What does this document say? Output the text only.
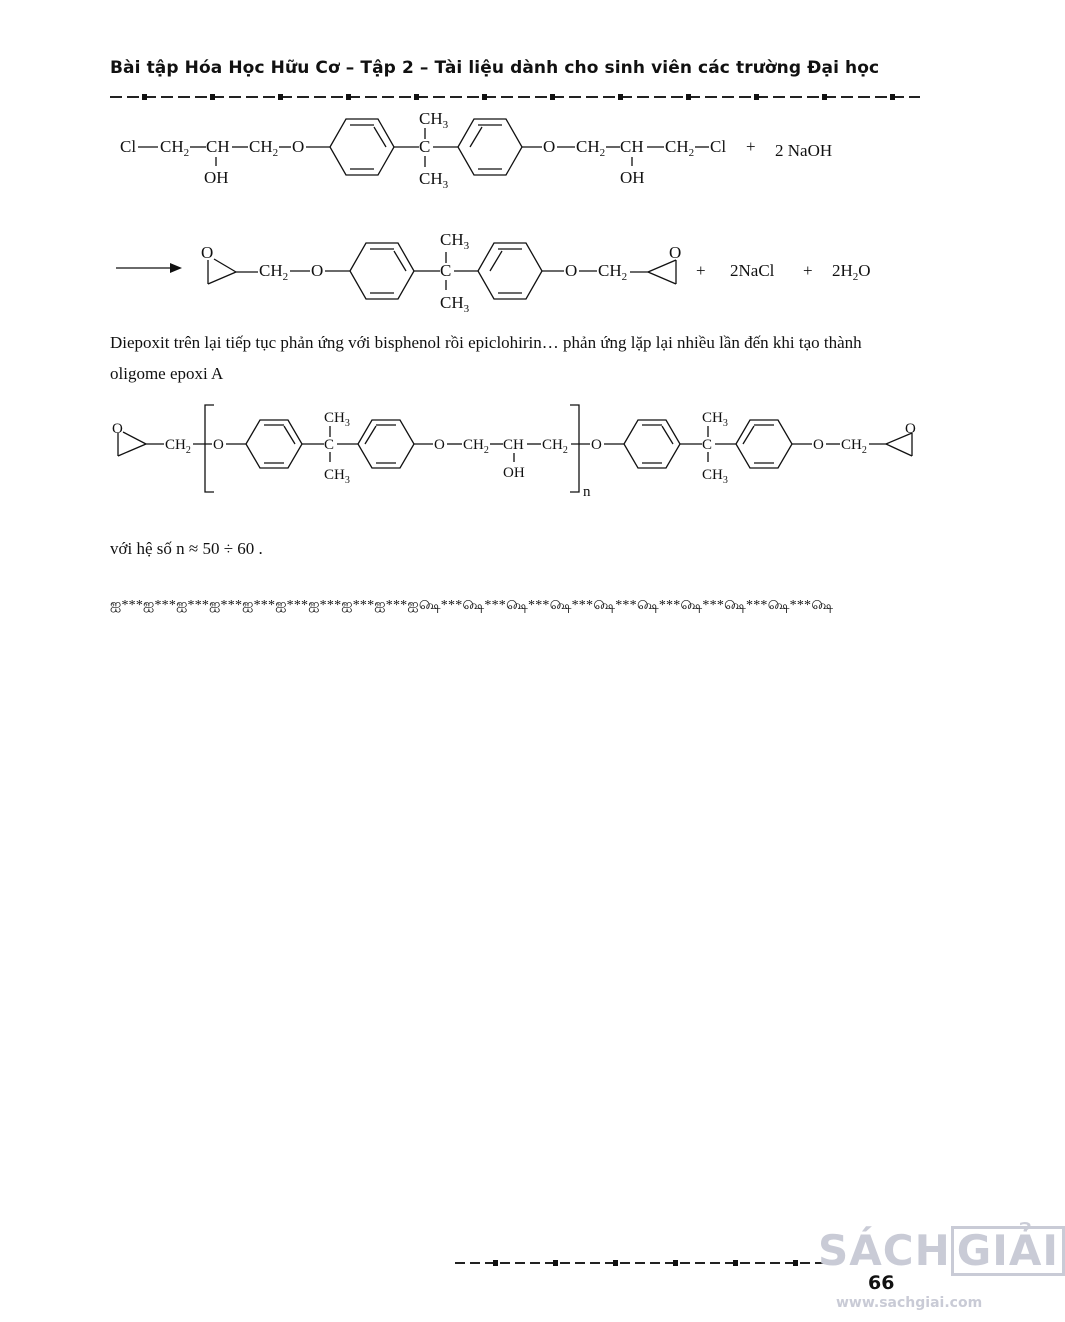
Bài tập Hóa Học Hữu Cơ – Tập 2 – Tài liệu dành cho sinh viên các trường Đại học
Cl $CH_2$ CH
OH
$CH_2$ O	C
$CH_3$
$CH_3$
O $CH_2$ CH
OH
$CH_2$ Cl + 2 NaOH
O
$CH_2$ O	C
$CH_3$
$CH_3$
O $CH_2$
O
+ 2NaCl + $2H_2O$
Diepoxit trên lại tiếp tục phản ứng với bisphenol rồi epiclohirin… phản ứng lặp lại nhiều lần đến khi tạo thành oligome epoxi A
O
$CH_2$ O	C
$CH_3$
$CH_3$
O $CH_2$ CH
OH
$CH_2$
n
O	C
$CH_3$
$CH_3$
O $CH_2$
O
với hệ số n ≈ 50 ÷ 60 .
ஐ***ஐ***ஐ***ஐ***ஐ***ஐ***ஐ***ஐ***ஐ***ஐ௸***௸***௸***௸***௸***௸***௸***௸***௸***௸
66
SÁCH GIẢI
www.sachgiai.com
